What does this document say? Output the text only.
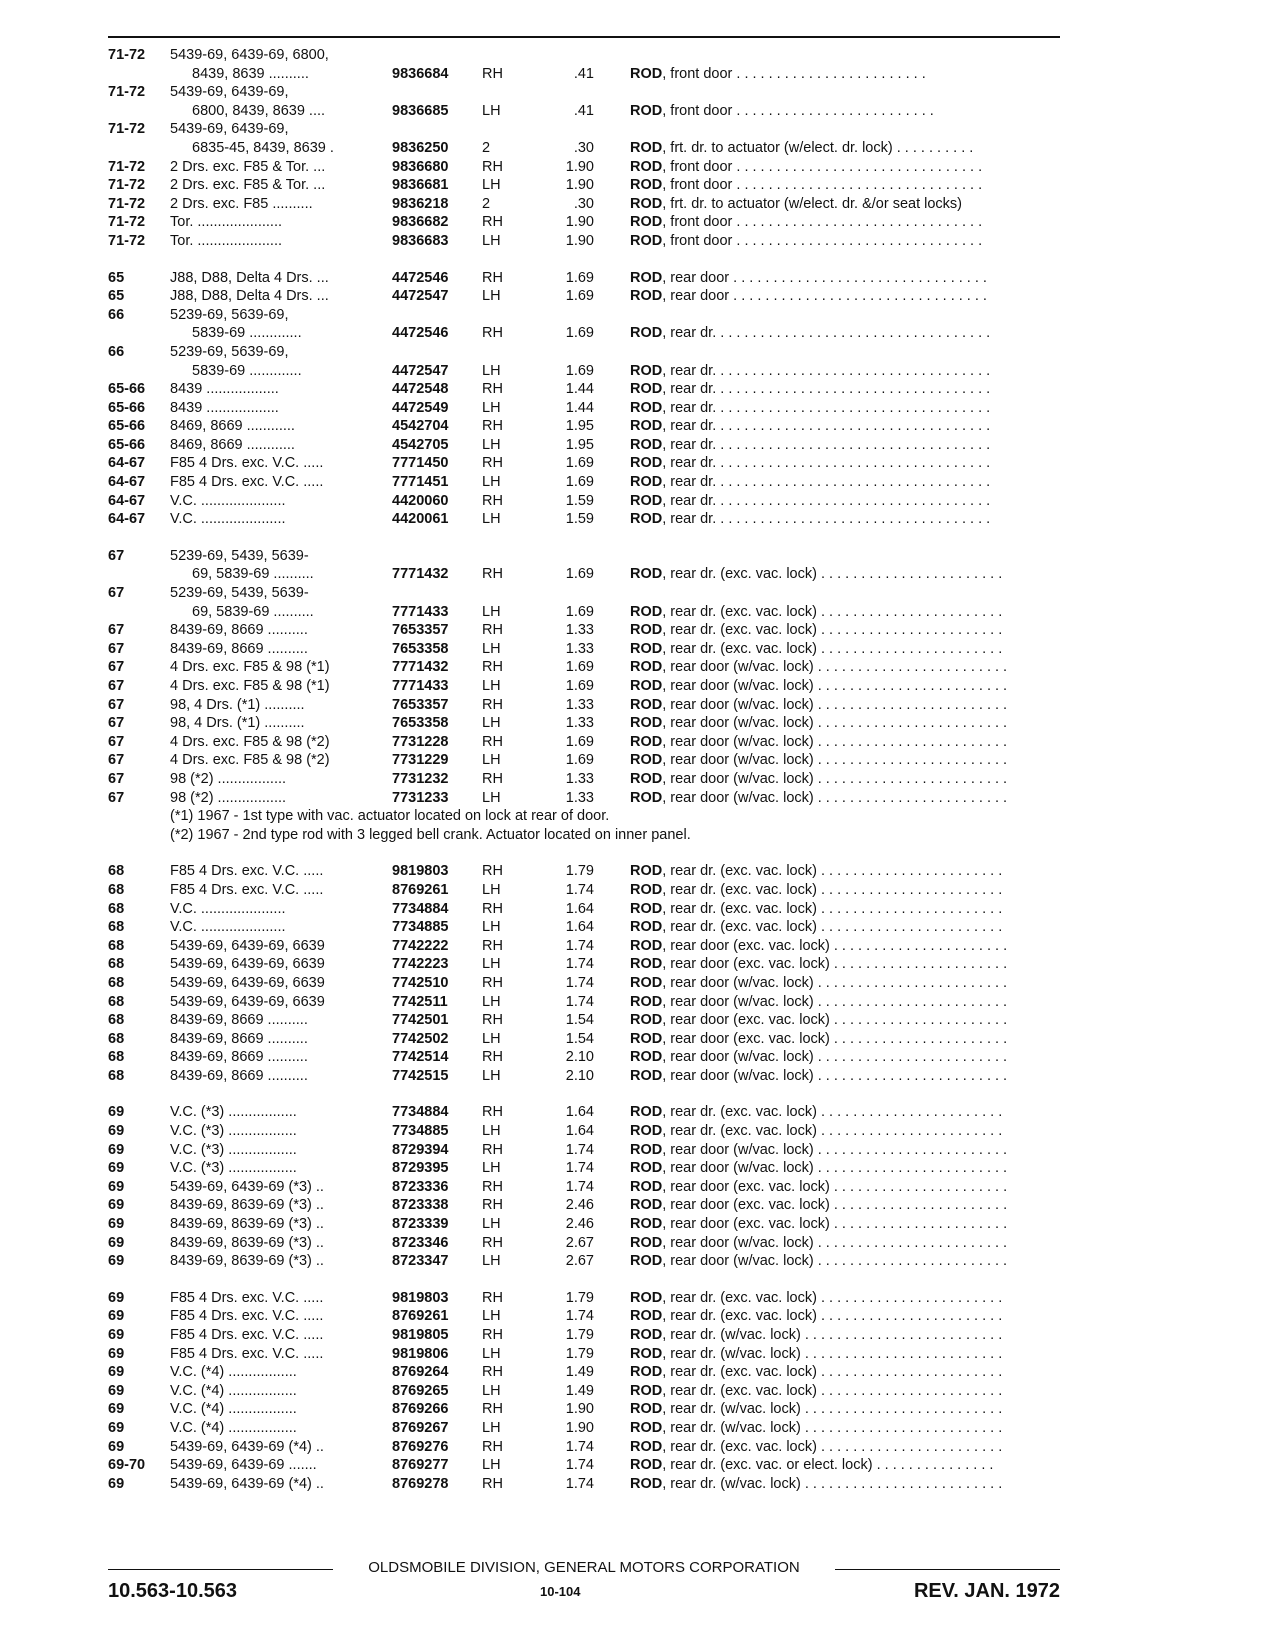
71-72 5439-69, 6439-69, 6800,
8439, 8639 ..........	9836684 RH	.41 ROD, front door . . . . . . . . . . . . . . . . . . . . . . . .
71-72 5439-69, 6439-69,
6800, 8439, 8639 ....	9836685 LH	.41 ROD, front door . . . . . . . . . . . . . . . . . . . . . . . . .
71-72 5439-69, 6439-69,
6835-45, 8439, 8639 .	9836250 2	.30 ROD, frt. dr. to actuator (w/elect. dr. lock) . . . . . . . . . .
71-72 2 Drs. exc. F85 & Tor. ...	9836680 RH	1.90 ROD, front door . . . . . . . . . . . . . . . . . . . . . . . . . . . . . . .
71-72 2 Drs. exc. F85 & Tor. ...	9836681 LH	1.90 ROD, front door . . . . . . . . . . . . . . . . . . . . . . . . . . . . . . .
71-72 2 Drs. exc. F85 ..........	9836218 2	.30 ROD, frt. dr. to actuator (w/elect. dr. &/or seat locks)
71-72 Tor. .....................	9836682 RH	1.90 ROD, front door . . . . . . . . . . . . . . . . . . . . . . . . . . . . . . .
71-72 Tor. .....................	9836683 LH	1.90 ROD, front door . . . . . . . . . . . . . . . . . . . . . . . . . . . . . . .
65	J88, D88, Delta 4 Drs. ...	4472546 RH	1.69 ROD, rear door . . . . . . . . . . . . . . . . . . . . . . . . . . . . . . . .
65	J88, D88, Delta 4 Drs. ...	4472547 LH	1.69 ROD, rear door . . . . . . . . . . . . . . . . . . . . . . . . . . . . . . . .
66	5239-69, 5639-69,
5839-69 .............	4472546 RH	1.69 ROD, rear dr. . . . . . . . . . . . . . . . . . . . . . . . . . . . . . . . . . .
66	5239-69, 5639-69,
5839-69 .............	4472547 LH	1.69 ROD, rear dr. . . . . . . . . . . . . . . . . . . . . . . . . . . . . . . . . . .
65-66 8439 ..................	4472548 RH	1.44 ROD, rear dr. . . . . . . . . . . . . . . . . . . . . . . . . . . . . . . . . . .
65-66 8439 ..................	4472549 LH	1.44 ROD, rear dr. . . . . . . . . . . . . . . . . . . . . . . . . . . . . . . . . . .
65-66 8469, 8669 ............	4542704 RH	1.95 ROD, rear dr. . . . . . . . . . . . . . . . . . . . . . . . . . . . . . . . . . .
65-66 8469, 8669 ............	4542705 LH	1.95 ROD, rear dr. . . . . . . . . . . . . . . . . . . . . . . . . . . . . . . . . . .
64-67 F85 4 Drs. exc. V.C. .....	7771450 RH	1.69 ROD, rear dr. . . . . . . . . . . . . . . . . . . . . . . . . . . . . . . . . . .
64-67 F85 4 Drs. exc. V.C. .....	7771451 LH	1.69 ROD, rear dr. . . . . . . . . . . . . . . . . . . . . . . . . . . . . . . . . . .
64-67 V.C. .....................	4420060 RH	1.59 ROD, rear dr. . . . . . . . . . . . . . . . . . . . . . . . . . . . . . . . . . .
64-67 V.C. .....................	4420061 LH	1.59 ROD, rear dr. . . . . . . . . . . . . . . . . . . . . . . . . . . . . . . . . . .
67	5239-69, 5439, 5639-
69, 5839-69 ..........	7771432 RH	1.69 ROD, rear dr. (exc. vac. lock) . . . . . . . . . . . . . . . . . . . . . . .
67	5239-69, 5439, 5639-
69, 5839-69 ..........	7771433 LH	1.69 ROD, rear dr. (exc. vac. lock) . . . . . . . . . . . . . . . . . . . . . . .
67	8439-69, 8669 ..........	7653357 RH	1.33 ROD, rear dr. (exc. vac. lock) . . . . . . . . . . . . . . . . . . . . . . .
67	8439-69, 8669 ..........	7653358 LH	1.33 ROD, rear dr. (exc. vac. lock) . . . . . . . . . . . . . . . . . . . . . . .
67	4 Drs. exc. F85 & 98 (*1)	7771432 RH	1.69 ROD, rear door (w/vac. lock) . . . . . . . . . . . . . . . . . . . . . . . .
67	4 Drs. exc. F85 & 98 (*1)	7771433 LH	1.69 ROD, rear door (w/vac. lock) . . . . . . . . . . . . . . . . . . . . . . . .
67	98, 4 Drs. (*1) ..........	7653357 RH	1.33 ROD, rear door (w/vac. lock) . . . . . . . . . . . . . . . . . . . . . . . .
67	98, 4 Drs. (*1) ..........	7653358 LH	1.33 ROD, rear door (w/vac. lock) . . . . . . . . . . . . . . . . . . . . . . . .
67	4 Drs. exc. F85 & 98 (*2)	7731228 RH	1.69 ROD, rear door (w/vac. lock) . . . . . . . . . . . . . . . . . . . . . . . .
67	4 Drs. exc. F85 & 98 (*2)	7731229 LH	1.69 ROD, rear door (w/vac. lock) . . . . . . . . . . . . . . . . . . . . . . . .
67	98 (*2) .................	7731232 RH	1.33 ROD, rear door (w/vac. lock) . . . . . . . . . . . . . . . . . . . . . . . .
67	98 (*2) .................	7731233 LH	1.33 ROD, rear door (w/vac. lock) . . . . . . . . . . . . . . . . . . . . . . . .
(*1) 1967 - 1st type with vac. actuator located on lock at rear of door.
(*2) 1967 - 2nd type rod with 3 legged bell crank. Actuator located on inner panel.
68	F85 4 Drs. exc. V.C. .....	9819803 RH	1.79 ROD, rear dr. (exc. vac. lock) . . . . . . . . . . . . . . . . . . . . . . .
68	F85 4 Drs. exc. V.C. .....	8769261 LH	1.74 ROD, rear dr. (exc. vac. lock) . . . . . . . . . . . . . . . . . . . . . . .
68	V.C. .....................	7734884 RH	1.64 ROD, rear dr. (exc. vac. lock) . . . . . . . . . . . . . . . . . . . . . . .
68	V.C. .....................	7734885 LH	1.64 ROD, rear dr. (exc. vac. lock) . . . . . . . . . . . . . . . . . . . . . . .
68	5439-69, 6439-69, 6639	7742222 RH	1.74 ROD, rear door (exc. vac. lock) . . . . . . . . . . . . . . . . . . . . . .
68	5439-69, 6439-69, 6639	7742223 LH	1.74 ROD, rear door (exc. vac. lock) . . . . . . . . . . . . . . . . . . . . . .
68	5439-69, 6439-69, 6639	7742510 RH	1.74 ROD, rear door (w/vac. lock) . . . . . . . . . . . . . . . . . . . . . . . .
68	5439-69, 6439-69, 6639	7742511 LH	1.74 ROD, rear door (w/vac. lock) . . . . . . . . . . . . . . . . . . . . . . . .
68	8439-69, 8669 ..........	7742501 RH	1.54 ROD, rear door (exc. vac. lock) . . . . . . . . . . . . . . . . . . . . . .
68	8439-69, 8669 ..........	7742502 LH	1.54 ROD, rear door (exc. vac. lock) . . . . . . . . . . . . . . . . . . . . . .
68	8439-69, 8669 ..........	7742514 RH	2.10 ROD, rear door (w/vac. lock) . . . . . . . . . . . . . . . . . . . . . . . .
68	8439-69, 8669 ..........	7742515 LH	2.10 ROD, rear door (w/vac. lock) . . . . . . . . . . . . . . . . . . . . . . . .
69	V.C. (*3) .................	7734884 RH	1.64 ROD, rear dr. (exc. vac. lock) . . . . . . . . . . . . . . . . . . . . . . .
69	V.C. (*3) .................	7734885 LH	1.64 ROD, rear dr. (exc. vac. lock) . . . . . . . . . . . . . . . . . . . . . . .
69	V.C. (*3) .................	8729394 RH	1.74 ROD, rear door (w/vac. lock) . . . . . . . . . . . . . . . . . . . . . . . .
69	V.C. (*3) .................	8729395 LH	1.74 ROD, rear door (w/vac. lock) . . . . . . . . . . . . . . . . . . . . . . . .
69	5439-69, 6439-69 (*3) ..	8723336 RH	1.74 ROD, rear door (exc. vac. lock) . . . . . . . . . . . . . . . . . . . . . .
69	8439-69, 8639-69 (*3) ..	8723338 RH	2.46 ROD, rear door (exc. vac. lock) . . . . . . . . . . . . . . . . . . . . . .
69	8439-69, 8639-69 (*3) ..	8723339 LH	2.46 ROD, rear door (exc. vac. lock) . . . . . . . . . . . . . . . . . . . . . .
69	8439-69, 8639-69 (*3) ..	8723346 RH	2.67 ROD, rear door (w/vac. lock) . . . . . . . . . . . . . . . . . . . . . . . .
69	8439-69, 8639-69 (*3) ..	8723347 LH	2.67 ROD, rear door (w/vac. lock) . . . . . . . . . . . . . . . . . . . . . . . .
69	F85 4 Drs. exc. V.C. .....	9819803 RH	1.79 ROD, rear dr. (exc. vac. lock) . . . . . . . . . . . . . . . . . . . . . . .
69	F85 4 Drs. exc. V.C. .....	8769261 LH	1.74 ROD, rear dr. (exc. vac. lock) . . . . . . . . . . . . . . . . . . . . . . .
69	F85 4 Drs. exc. V.C. .....	9819805 RH	1.79 ROD, rear dr. (w/vac. lock) . . . . . . . . . . . . . . . . . . . . . . . . .
69	F85 4 Drs. exc. V.C. .....	9819806 LH	1.79 ROD, rear dr. (w/vac. lock) . . . . . . . . . . . . . . . . . . . . . . . . .
69	V.C. (*4) .................	8769264 RH	1.49 ROD, rear dr. (exc. vac. lock) . . . . . . . . . . . . . . . . . . . . . . .
69	V.C. (*4) .................	8769265 LH	1.49 ROD, rear dr. (exc. vac. lock) . . . . . . . . . . . . . . . . . . . . . . .
69	V.C. (*4) .................	8769266 RH	1.90 ROD, rear dr. (w/vac. lock) . . . . . . . . . . . . . . . . . . . . . . . . .
69	V.C. (*4) .................	8769267 LH	1.90 ROD, rear dr. (w/vac. lock) . . . . . . . . . . . . . . . . . . . . . . . . .
69	5439-69, 6439-69 (*4) ..	8769276 RH	1.74 ROD, rear dr. (exc. vac. lock) . . . . . . . . . . . . . . . . . . . . . . .
69-70 5439-69, 6439-69 .......	8769277 LH	1.74 ROD, rear dr. (exc. vac. or elect. lock) . . . . . . . . . . . . . . .
69	5439-69, 6439-69 (*4) ..	8769278 RH	1.74 ROD, rear dr. (w/vac. lock) . . . . . . . . . . . . . . . . . . . . . . . . .
OLDSMOBILE DIVISION, GENERAL MOTORS CORPORATION
10.563-10.563	10-104	REV. JAN. 1972
